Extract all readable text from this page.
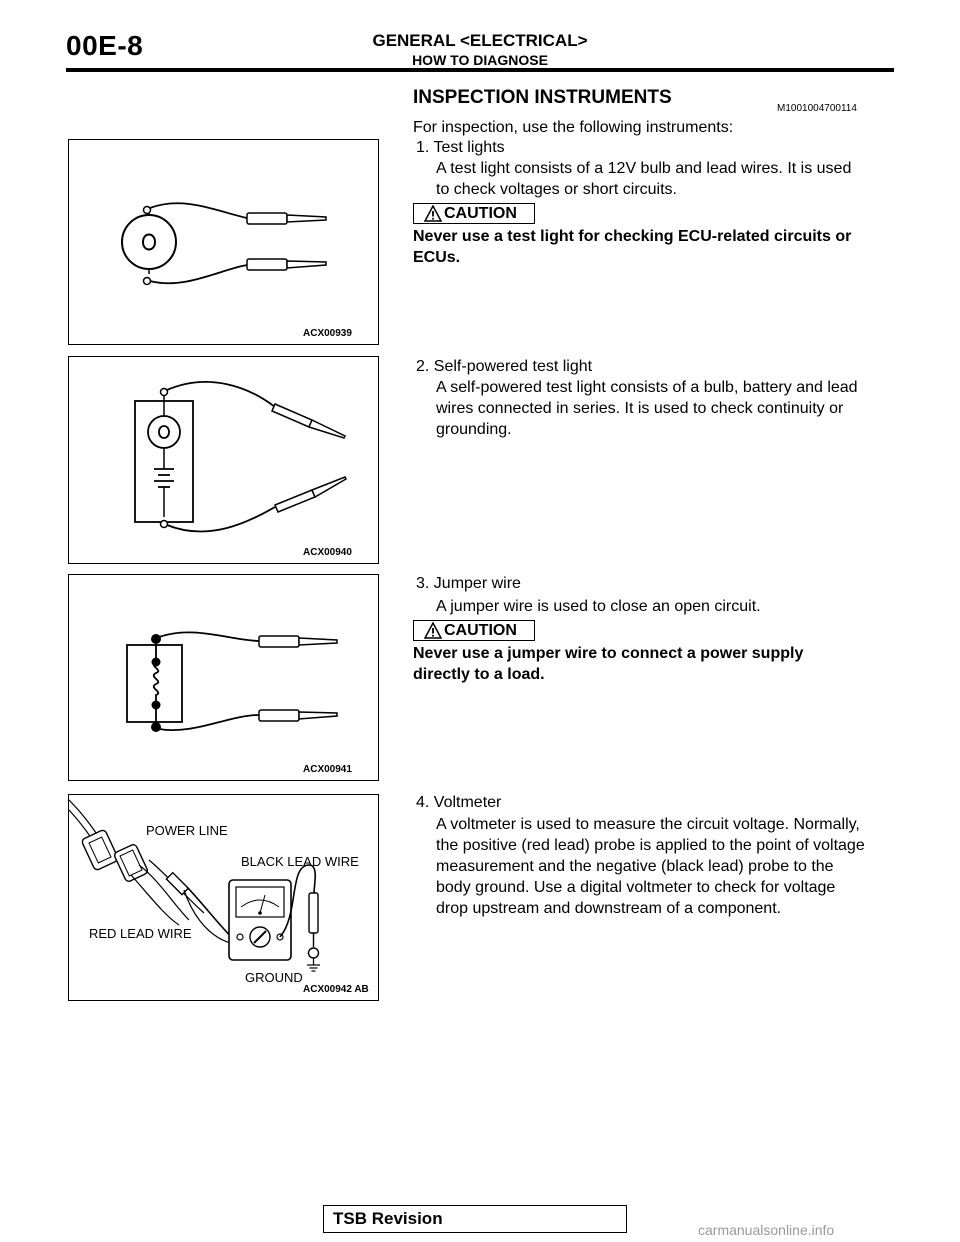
00E-8	GENERAL <ELECTRICAL>
HOW TO DIAGNOSE
INSPECTION INSTRUMENTS
M1001004700114
For inspection, use the following instruments:
1. Test lights
A test light consists of a 12V bulb and lead wires. It is used
to check voltages or short circuits.
CAUTION
Never use a test light for checking ECU-related circuits or
ECUs.
2. Self-powered test light
A self-powered test light consists of a bulb, battery and lead
wires connected in series. It is used to check continuity or
grounding.
3. Jumper wire
A jumper wire is used to close an open circuit.
CAUTION
Never use a jumper wire to connect a power supply
directly to a load.
4. Voltmeter
A voltmeter is used to measure the circuit voltage. Normally,
the positive (red lead) probe is applied to the point of voltage
measurement and the negative (black lead) probe to the
body ground. Use a digital voltmeter to check for voltage
drop upstream and downstream of a component.
ACX00939
ACX00940
ACX00941
POWER LINE
BLACK LEAD WIRE
RED LEAD WIRE
GROUND
ACX00942 AB
TSB Revision
carmanualsonline.info
